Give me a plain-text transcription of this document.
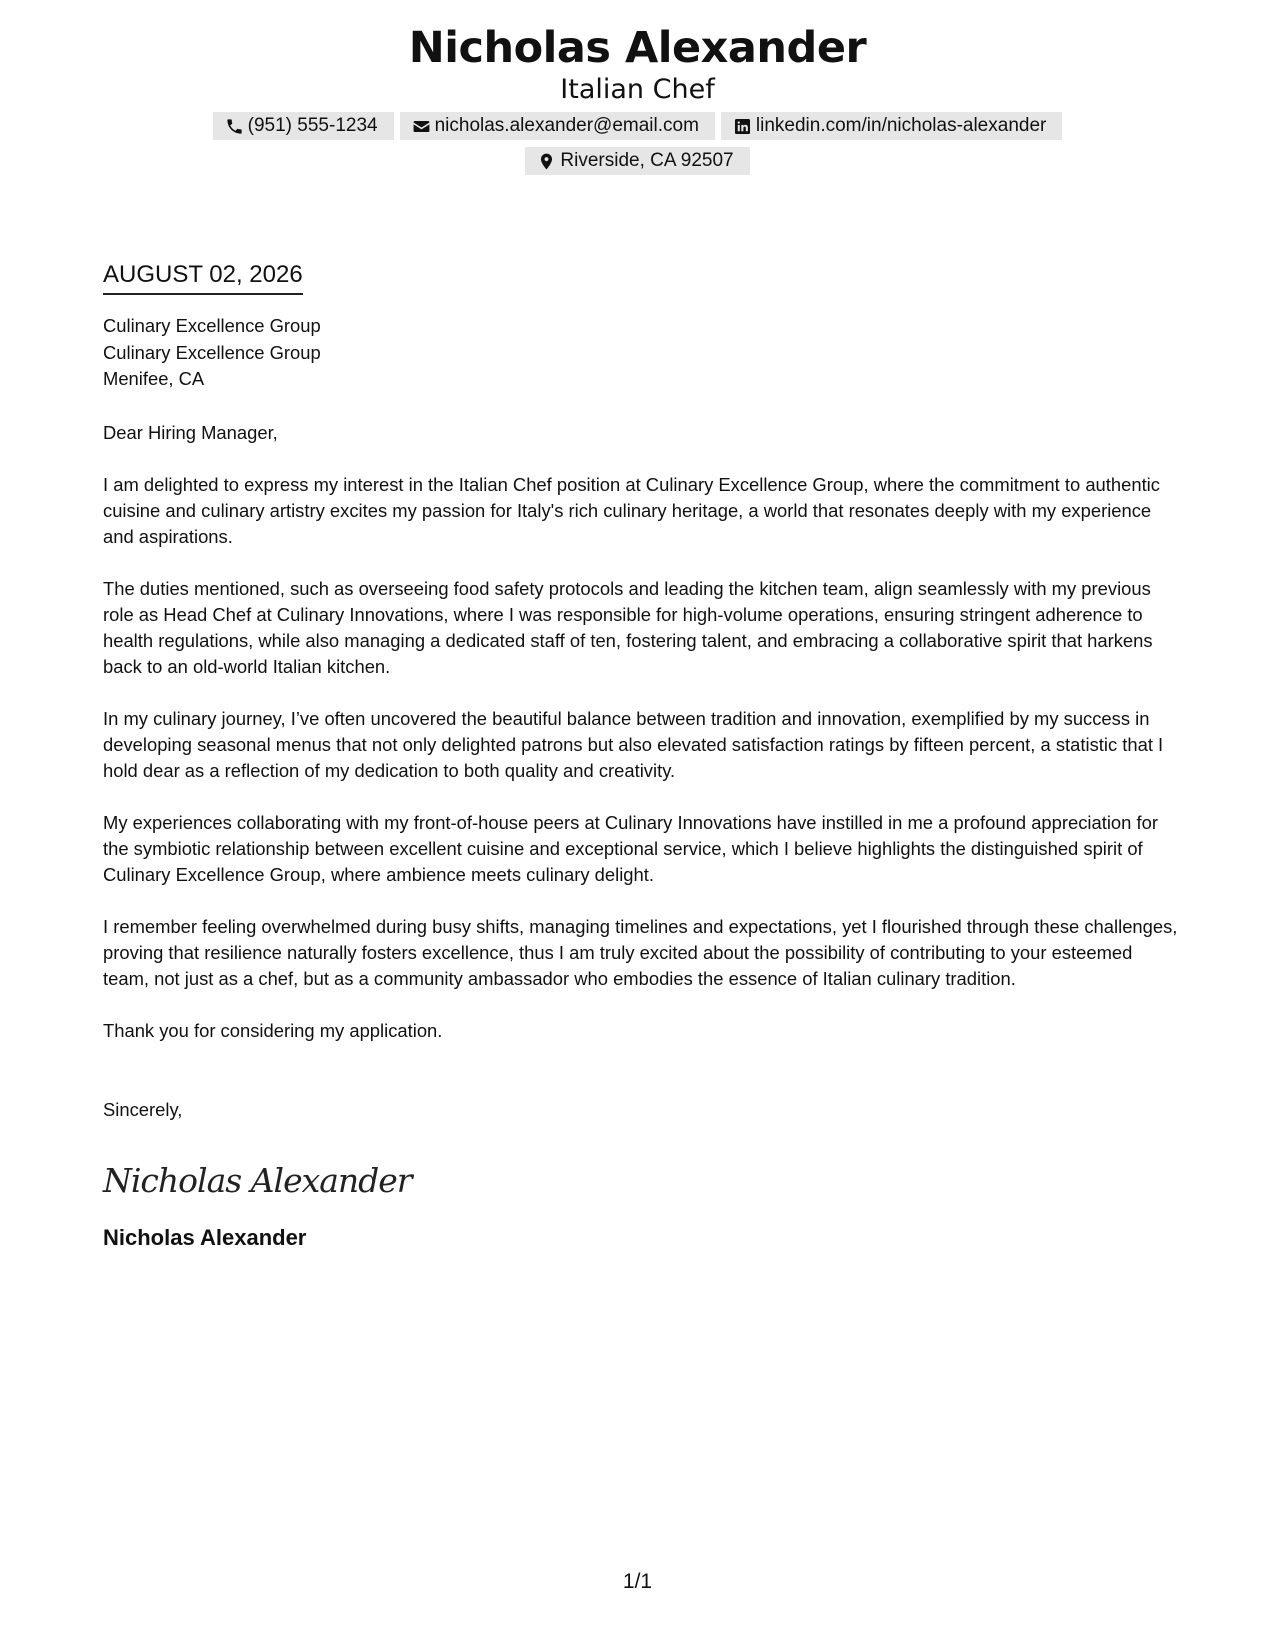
Nicholas Alexander
Italian Chef
(951) 555-1234	nicholas.alexander@email.com	linkedin.com/in/nicholas-alexander
Riverside, CA 92507
AUGUST 02, 2026
Culinary Excellence Group
Culinary Excellence Group
Menifee, CA
Dear Hiring Manager,
I am delighted to express my interest in the Italian Chef position at Culinary Excellence Group, where the commitment to authentic cuisine and culinary artistry excites my passion for Italy's rich culinary heritage, a world that resonates deeply with my experience and aspirations.
The duties mentioned, such as overseeing food safety protocols and leading the kitchen team, align seamlessly with my previous role as Head Chef at Culinary Innovations, where I was responsible for high-volume operations, ensuring stringent adherence to health regulations, while also managing a dedicated staff of ten, fostering talent, and embracing a collaborative spirit that harkens back to an old-world Italian kitchen.
In my culinary journey, I’ve often uncovered the beautiful balance between tradition and innovation, exemplified by my success in developing seasonal menus that not only delighted patrons but also elevated satisfaction ratings by fifteen percent, a statistic that I hold dear as a reflection of my dedication to both quality and creativity.
My experiences collaborating with my front-of-house peers at Culinary Innovations have instilled in me a profound appreciation for the symbiotic relationship between excellent cuisine and exceptional service, which I believe highlights the distinguished spirit of Culinary Excellence Group, where ambience meets culinary delight.
I remember feeling overwhelmed during busy shifts, managing timelines and expectations, yet I flourished through these challenges, proving that resilience naturally fosters excellence, thus I am truly excited about the possibility of contributing to your esteemed team, not just as a chef, but as a community ambassador who embodies the essence of Italian culinary tradition.
Thank you for considering my application.
Sincerely,
Nicholas Alexander
Nicholas Alexander
1/1
